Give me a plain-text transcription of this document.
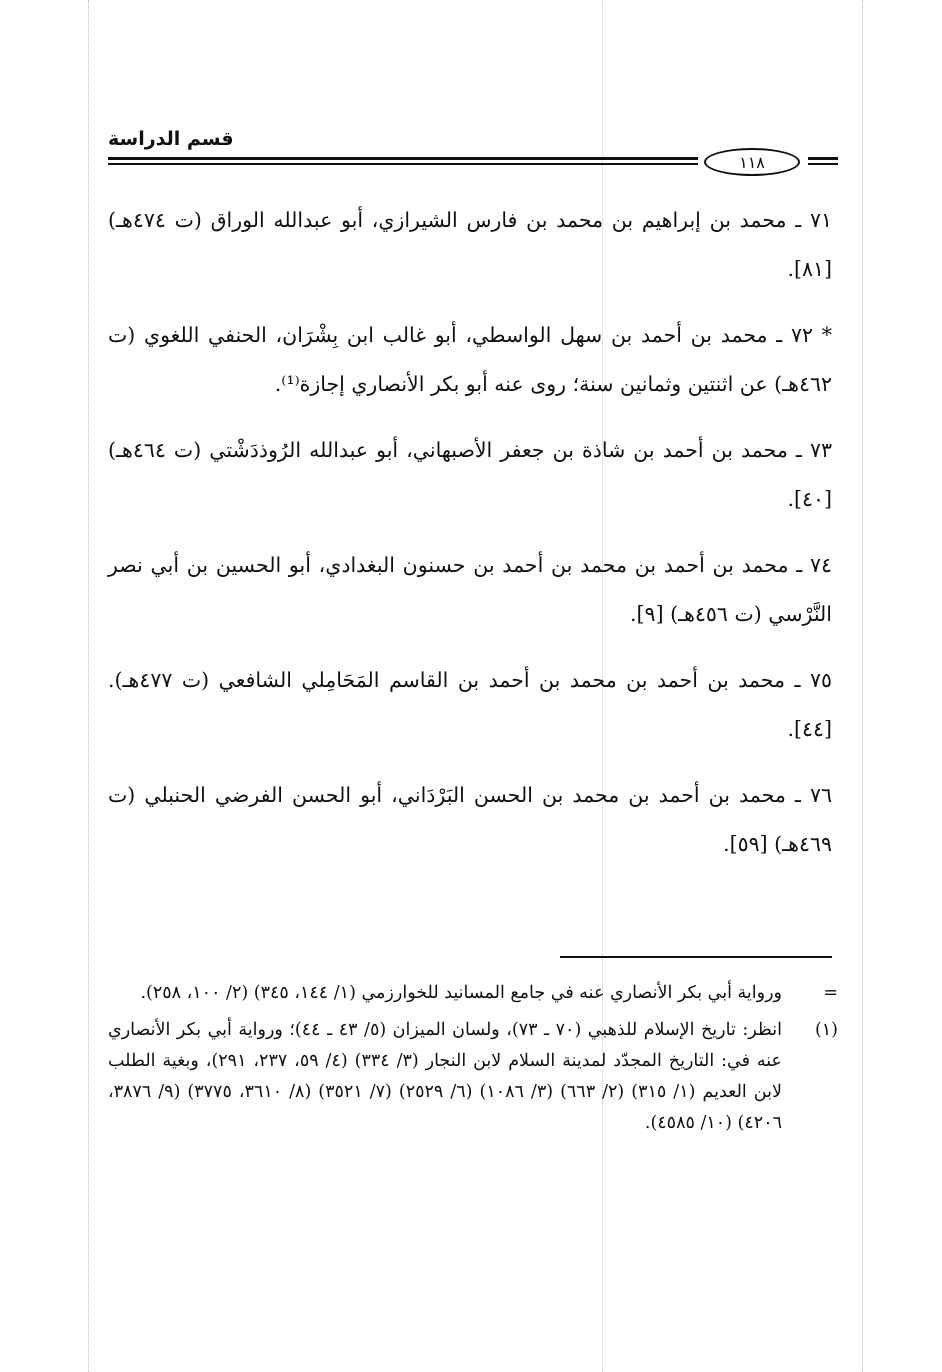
قسم الدراسة
١١٨

٧١ ـ محمد بن إبراهيم بن محمد بن فارس الشيرازي، أبو عبدالله الوراق (ت ٤٧٤هـ) [٨١].

* ٧٢ ـ محمد بن أحمد بن سهل الواسطي، أبو غالب ابن بِشْرَان، الحنفي اللغوي (ت ٤٦٢هـ) عن اثنتين وثمانين سنة؛ روى عنه أبو بكر الأنصاري إجازة⁽¹⁾.

٧٣ ـ محمد بن أحمد بن شاذة بن جعفر الأصبهاني، أبو عبدالله الرُوذدَشْتي (ت ٤٦٤هـ) [٤٠].

٧٤ ـ محمد بن أحمد بن محمد بن أحمد بن حسنون البغدادي، أبو الحسين بن أبي نصر النَّرْسي (ت ٤٥٦هـ) [٩].

٧٥ ـ محمد بن أحمد بن محمد بن أحمد بن القاسم المَحَامِلي الشافعي (ت ٤٧٧هـ). [٤٤].

٧٦ ـ محمد بن أحمد بن محمد بن الحسن البَرْدَاني، أبو الحسن الفرضي الحنبلي (ت ٤٦٩هـ) [٥٩].

=
ورواية أبي بكر الأنصاري عنه في جامع المسانيد للخوارزمي (١/ ١٤٤، ٣٤٥) (٢/ ١٠٠، ٢٥٨).
(١)
انظر: تاريخ الإسلام للذهبي (٧٠ ـ ٧٣)، ولسان الميزان (٥/ ٤٣ ـ ٤٤)؛ ورواية أبي بكر الأنصاري عنه في: التاريخ المجدّد لمدينة السلام لابن النجار (٣/ ٣٣٤) (٤/ ٥٩، ٢٣٧، ٢٩١)، وبغية الطلب لابن العديم (١/ ٣١٥) (٢/ ٦٦٣) (٣/ ١٠٨٦) (٦/ ٢٥٢٩) (٧/ ٣٥٢١) (٨/ ٣٦١٠، ٣٧٧٥) (٩/ ٣٨٧٦، ٤٢٠٦) (١٠/ ٤٥٨٥).
